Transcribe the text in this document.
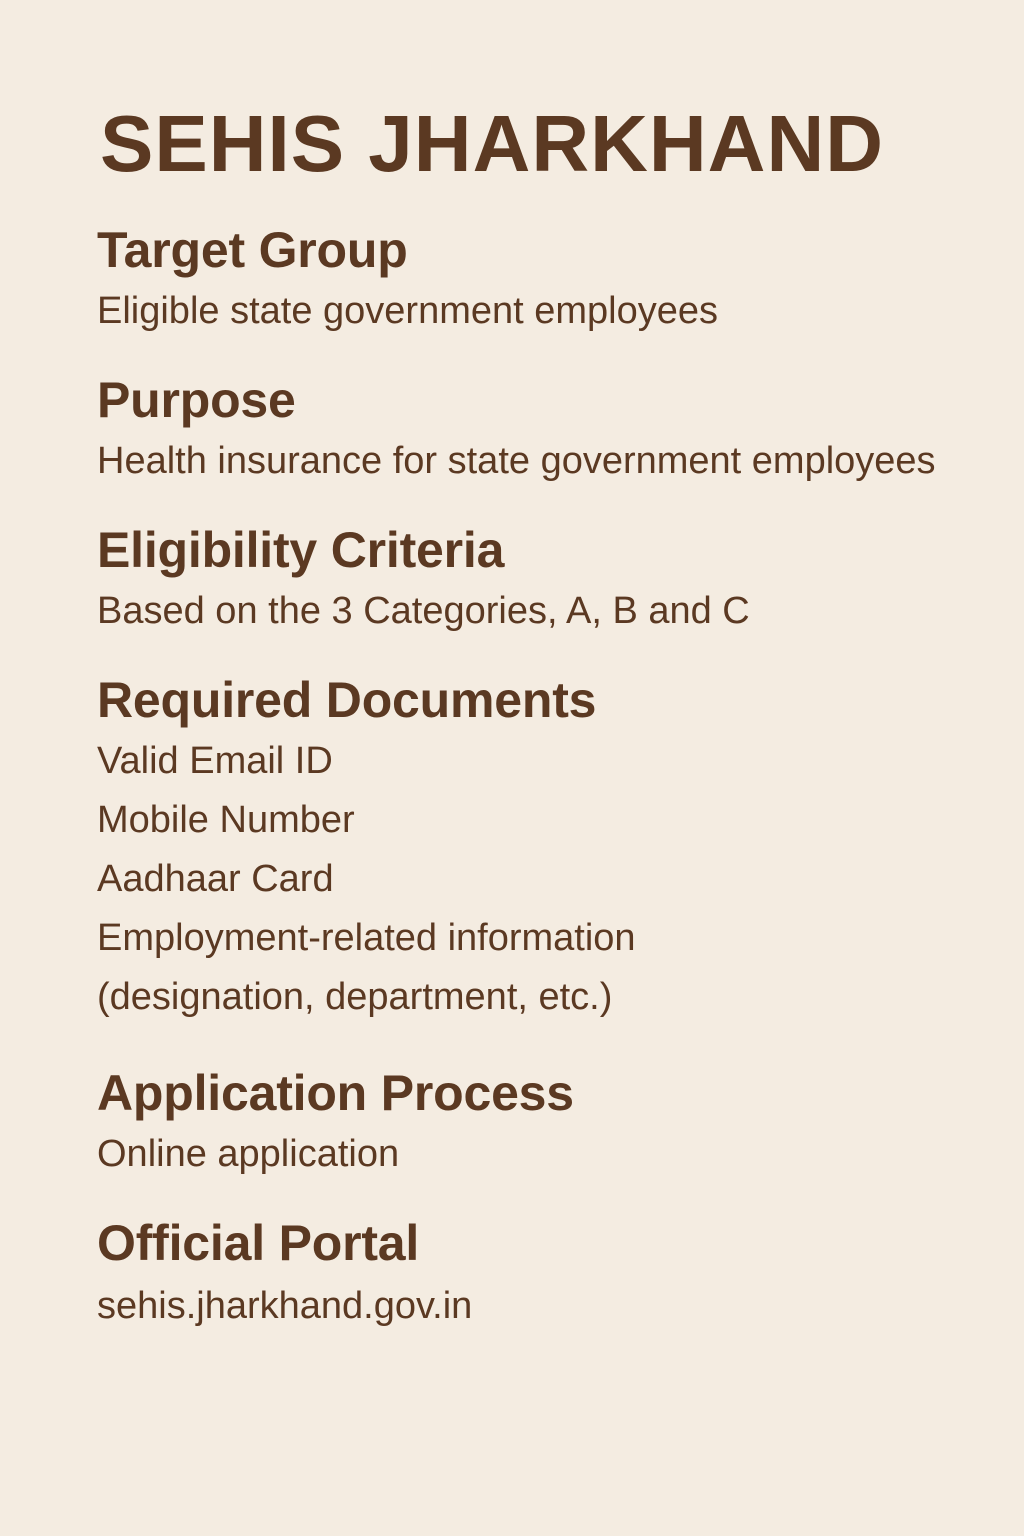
SEHIS JHARKHAND
Target Group

Eligible state government employees

Purpose

Health insurance for state government employees

Eligibility Criteria

Based on the 3 Categories, A, B and C

Required Documents
Valid Email ID
Mobile Number
Aadhaar Card
Employment-related information
(designation, department, etc.)
Application Process

Online application

Official Portal

sehis.jharkhand.gov.in
